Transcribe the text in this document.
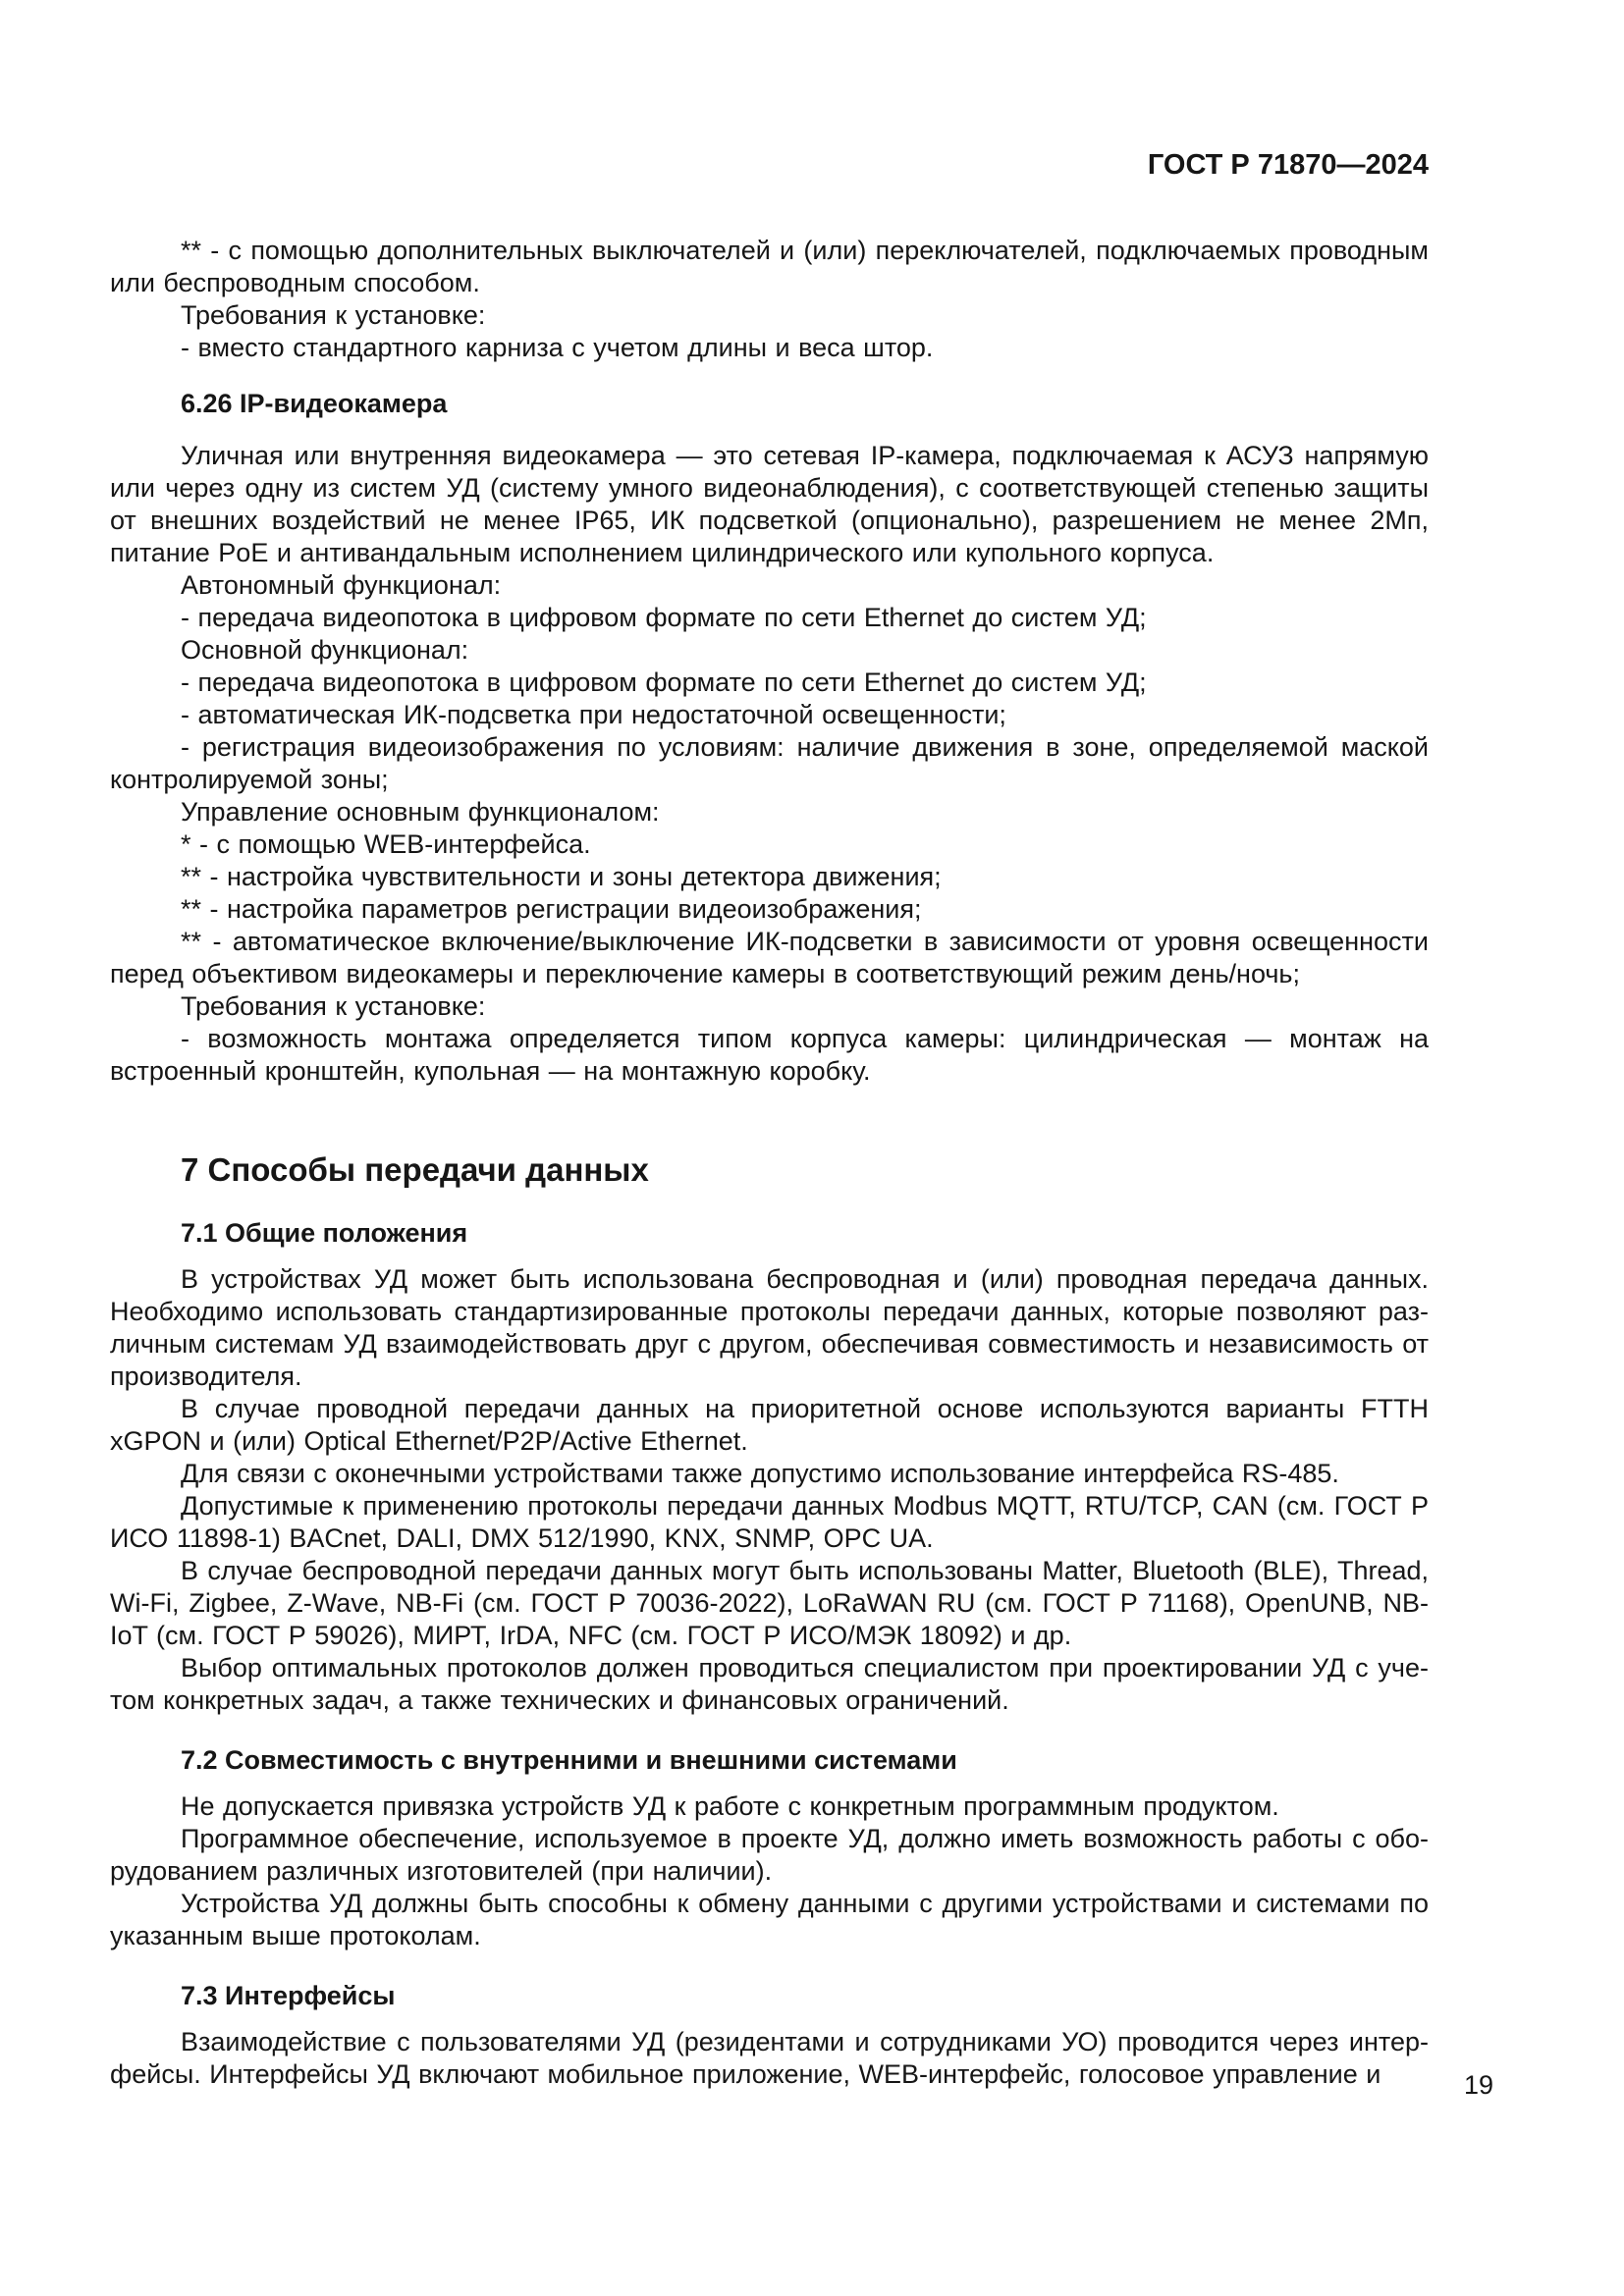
ГОСТ Р 71870—2024

** - с помощью дополнительных выключателей и (или) переключателей, подключаемых проводным или беспроводным способом.

Требования к установке:

- вместо стандартного карниза с учетом длины и веса штор.

6.26 IP-видеокамера

Уличная или внутренняя видеокамера — это сетевая IP-камера, подключаемая к АСУЗ напрямую или через одну из систем УД (систему умного видеонаблюдения), с соответствующей степенью защиты от внешних воздействий не менее IP65, ИК подсветкой (опционально), разрешением не менее 2Мп, питание PoE и антивандальным исполнением цилиндрического или купольного корпуса.

Автономный функционал:

- передача видеопотока в цифровом формате по сети Ethernet до систем УД;

Основной функционал:

- передача видеопотока в цифровом формате по сети Ethernet до систем УД;

- автоматическая ИК-подсветка при недостаточной освещенности;

- регистрация видеоизображения по условиям: наличие движения в зоне, определяемой маской контролируемой зоны;

Управление основным функционалом:

* - с помощью WEB-интерфейса.

** - настройка чувствительности и зоны детектора движения;

** - настройка параметров регистрации видеоизображения;

** - автоматическое включение/выключение ИК-подсветки в зависимости от уровня освещенности перед объективом видеокамеры и переключение камеры в соответствующий режим день/ночь;

Требования к установке:

- возможность монтажа определяется типом корпуса камеры: цилиндрическая — монтаж на встроенный кронштейн, купольная — на монтажную коробку.

7 Способы передачи данных

7.1 Общие положения

В устройствах УД может быть использована беспроводная и (или) проводная передача данных. Необходимо использовать стандартизированные протоколы передачи данных, которые позволяют различным системам УД взаимодействовать друг с другом, обеспечивая совместимость и независимость от производителя.

В случае проводной передачи данных на приоритетной основе используются варианты FTTH xGPON и (или) Optical Ethernet/P2P/Active Ethernet.

Для связи с оконечными устройствами также допустимо использование интерфейса RS-485.

Допустимые к применению протоколы передачи данных Modbus MQTT, RTU/TCP, CAN (см. ГОСТ Р ИСО 11898-1) BACnet, DALI, DMX 512/1990, KNX, SNMP, OPC UA.

В случае беспроводной передачи данных могут быть использованы Matter, Bluetooth (BLE), Thread, Wi-Fi, Zigbee, Z-Wave, NB-Fi (см. ГОСТ Р 70036-2022), LoRaWAN RU (см. ГОСТ Р 71168), OpenUNB, NB-IoT (см. ГОСТ Р 59026), МИРТ, IrDA, NFC (см. ГОСТ Р ИСО/МЭК 18092) и др.

Выбор оптимальных протоколов должен проводиться специалистом при проектировании УД с учетом конкретных задач, а также технических и финансовых ограничений.

7.2 Совместимость с внутренними и внешними системами

Не допускается привязка устройств УД к работе с конкретным программным продуктом.

Программное обеспечение, используемое в проекте УД, должно иметь возможность работы с оборудованием различных изготовителей (при наличии).

Устройства УД должны быть способны к обмену данными с другими устройствами и системами по указанным выше протоколам.

7.3 Интерфейсы

Взаимодействие с пользователями УД (резидентами и сотрудниками УО) проводится через интерфейсы. Интерфейсы УД включают мобильное приложение, WEB-интерфейс, голосовое управление и	19
